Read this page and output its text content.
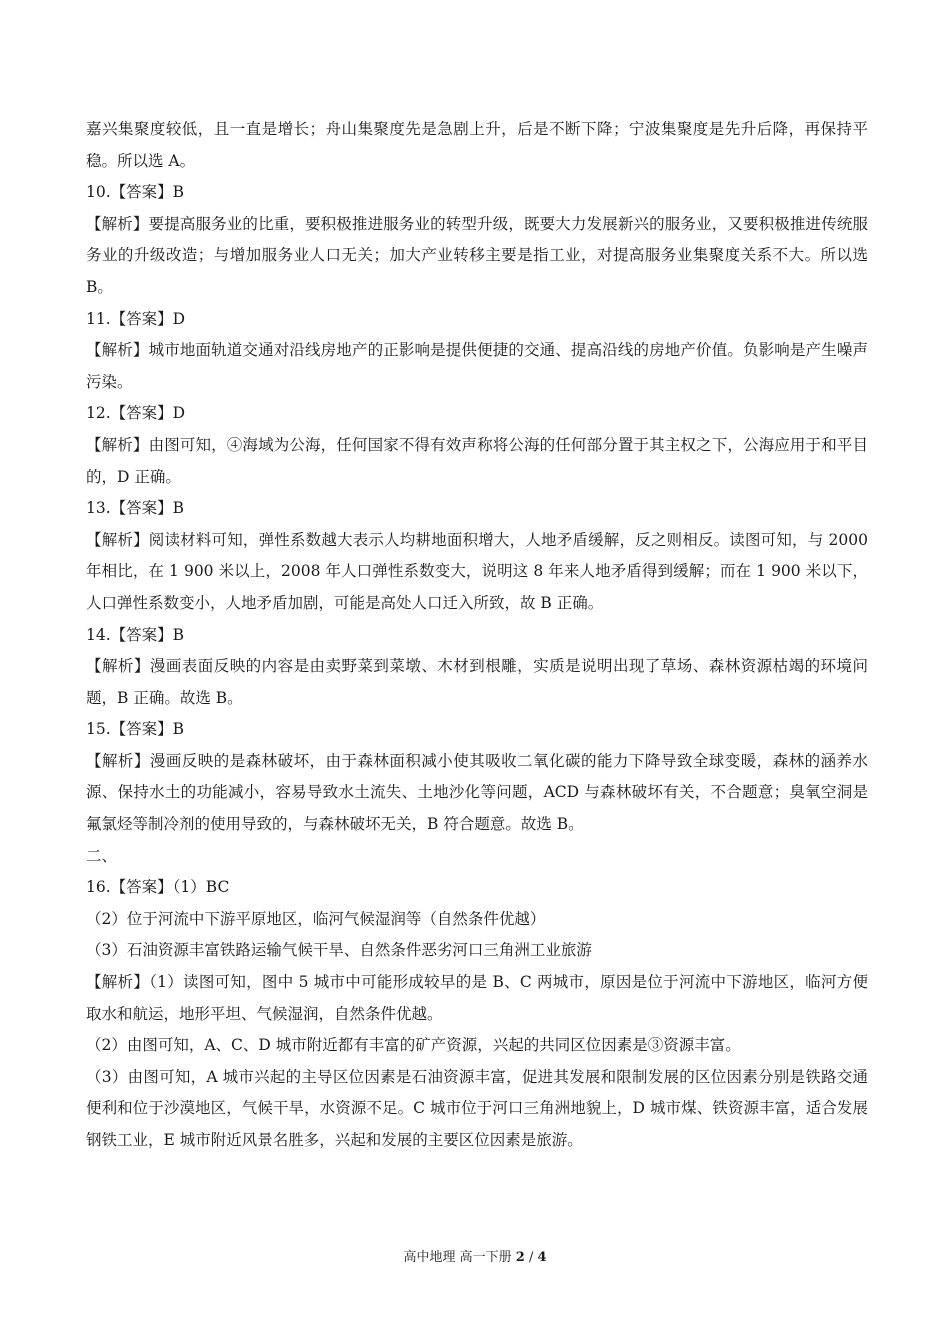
嘉兴集聚度较低，且一直是增长；舟山集聚度先是急剧上升，后是不断下降；宁波集聚度是先升后降，再保持平稳。所以选 A。

10.【答案】B

【解析】要提高服务业的比重，要积极推进服务业的转型升级，既要大力发展新兴的服务业，又要积极推进传统服务业的升级改造；与增加服务业人口无关；加大产业转移主要是指工业，对提高服务业集聚度关系不大。所以选 B。

11.【答案】D

【解析】城市地面轨道交通对沿线房地产的正影响是提供便捷的交通、提高沿线的房地产价值。负影响是产生噪声污染。

12.【答案】D

【解析】由图可知，④海域为公海，任何国家不得有效声称将公海的任何部分置于其主权之下，公海应用于和平目的，D 正确。

13.【答案】B

【解析】阅读材料可知，弹性系数越大表示人均耕地面积增大，人地矛盾缓解，反之则相反。读图可知，与 2000 年相比，在 1 900 米以上，2008 年人口弹性系数变大，说明这 8 年来人地矛盾得到缓解；而在 1 900 米以下，人口弹性系数变小，人地矛盾加剧，可能是高处人口迁入所致，故 B 正确。

14.【答案】B

【解析】漫画表面反映的内容是由卖野菜到菜墩、木材到根雕，实质是说明出现了草场、森林资源枯竭的环境问题，B 正确。故选 B。

15.【答案】B

【解析】漫画反映的是森林破坏，由于森林面积减小使其吸收二氧化碳的能力下降导致全球变暖，森林的涵养水源、保持水土的功能减小，容易导致水土流失、土地沙化等问题，ACD 与森林破坏有关，不合题意；臭氧空洞是氟氯烃等制冷剂的使用导致的，与森林破坏无关，B 符合题意。故选 B。

二、

16.【答案】（1）BC

（2）位于河流中下游平原地区，临河气候湿润等（自然条件优越）

（3）石油资源丰富铁路运输气候干旱、自然条件恶劣河口三角洲工业旅游

【解析】（1）读图可知，图中 5 城市中可能形成较早的是 B、C 两城市，原因是位于河流中下游地区，临河方便取水和航运，地形平坦、气候湿润，自然条件优越。

（2）由图可知，A、C、D 城市附近都有丰富的矿产资源，兴起的共同区位因素是③资源丰富。

（3）由图可知，A 城市兴起的主导区位因素是石油资源丰富，促进其发展和限制发展的区位因素分别是铁路交通便利和位于沙漠地区，气候干旱，水资源不足。C 城市位于河口三角洲地貌上，D 城市煤、铁资源丰富，适合发展钢铁工业，E 城市附近风景名胜多，兴起和发展的主要区位因素是旅游。

高中地理 高一下册 2 / 4
